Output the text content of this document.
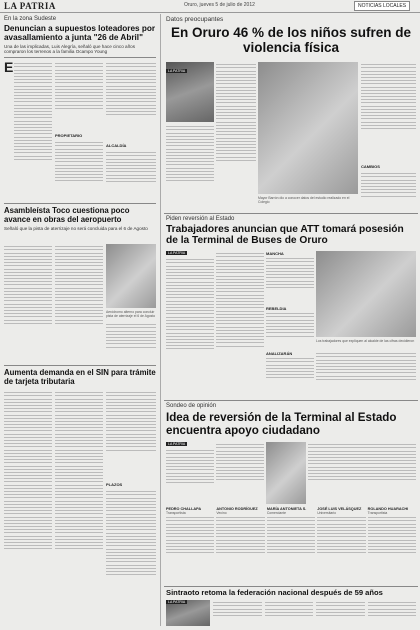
LA PATRIA	Oruro, jueves 5 de julio de 2012	NOTICIAS LOCALES
En la zona Sudeste
Denuncian a supuestos loteadores por avasallamiento a junta "26 de Abril"
Una de las implicadas, Luis Alegría, señaló que hace cinco años compraron los terrenos a la familia Ocampo Young
E
PROPIETARIO
ALCALDÍA
Asambleísta Toco cuestiona poco avance en obras del aeropuerto
Señaló que la pista de aterrizaje no será concluida para el 6 de Agosto
Aeródromo alterno para concluir pista de aterrizaje el 6 de Agosto
Aumenta demanda en el SIN para trámite de tarjeta tributaria
PLAZOS
Datos preocupantes
En Oruro 46 % de los niños sufren de violencia física
LA PATRIA
Mayor Barrón dio a conocer datos del estudio realizado en el Colegio
CAMBIOS
Piden reversión al Estado
Trabajadores anuncian que ATT tomará posesión de la Terminal de Buses de Oruro
LA PATRIA	MANCHA
REBELDIA
ANALIZARÁN
Los trabajadores que expliquen al alcalde de las cifras decidieron
Sondeo de opinión
Idea de reversión de la Terminal al Estado encuentra apoyo ciudadano
LA PATRIA
PEDRO CHALLAPA
Transportista
ANTONIO RODRÍGUEZ
Vecino
MARÍA ANTONIETA S.
Comerciante
JOSÉ LUIS VELÁSQUEZ
Universitario
ROLANDO HUARACHI
Transportista
Sintraoto retoma la federación nacional después de 59 años
LA PATRIA
